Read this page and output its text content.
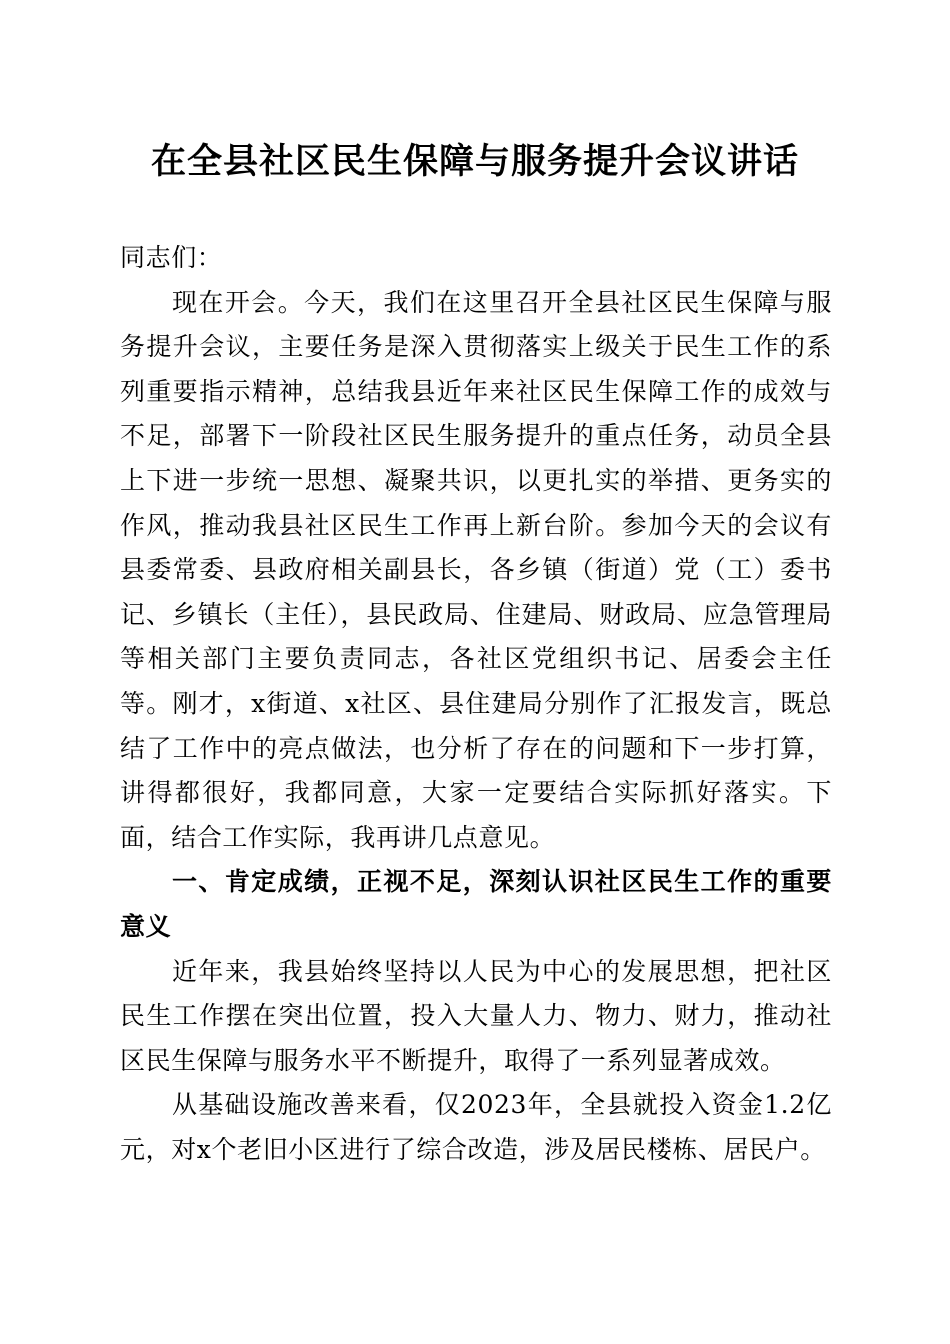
在全县社区民生保障与服务提升会议讲话

同志们：

现在开会。今天，我们在这里召开全县社区民生保障与服务提升会议，主要任务是深入贯彻落实上级关于民生工作的系列重要指示精神，总结我县近年来社区民生保障工作的成效与不足，部署下一阶段社区民生服务提升的重点任务，动员全县上下进一步统一思想、凝聚共识，以更扎实的举措、更务实的作风，推动我县社区民生工作再上新台阶。参加今天的会议有县委常委、县政府相关副县长，各乡镇（街道）党（工）委书记、乡镇长（主任），县民政局、住建局、财政局、应急管理局等相关部门主要负责同志，各社区党组织书记、居委会主任等。刚才，x街道、x社区、县住建局分别作了汇报发言，既总结了工作中的亮点做法，也分析了存在的问题和下一步打算，讲得都很好，我都同意，大家一定要结合实际抓好落实。下面，结合工作实际，我再讲几点意见。

一、肯定成绩，正视不足，深刻认识社区民生工作的重要意义

近年来，我县始终坚持以人民为中心的发展思想，把社区民生工作摆在突出位置，投入大量人力、物力、财力，推动社区民生保障与服务水平不断提升，取得了一系列显著成效。

从基础设施改善来看，仅2023年，全县就投入资金1.2亿元，对x个老旧小区进行了综合改造，涉及居民楼栋、居民户。
